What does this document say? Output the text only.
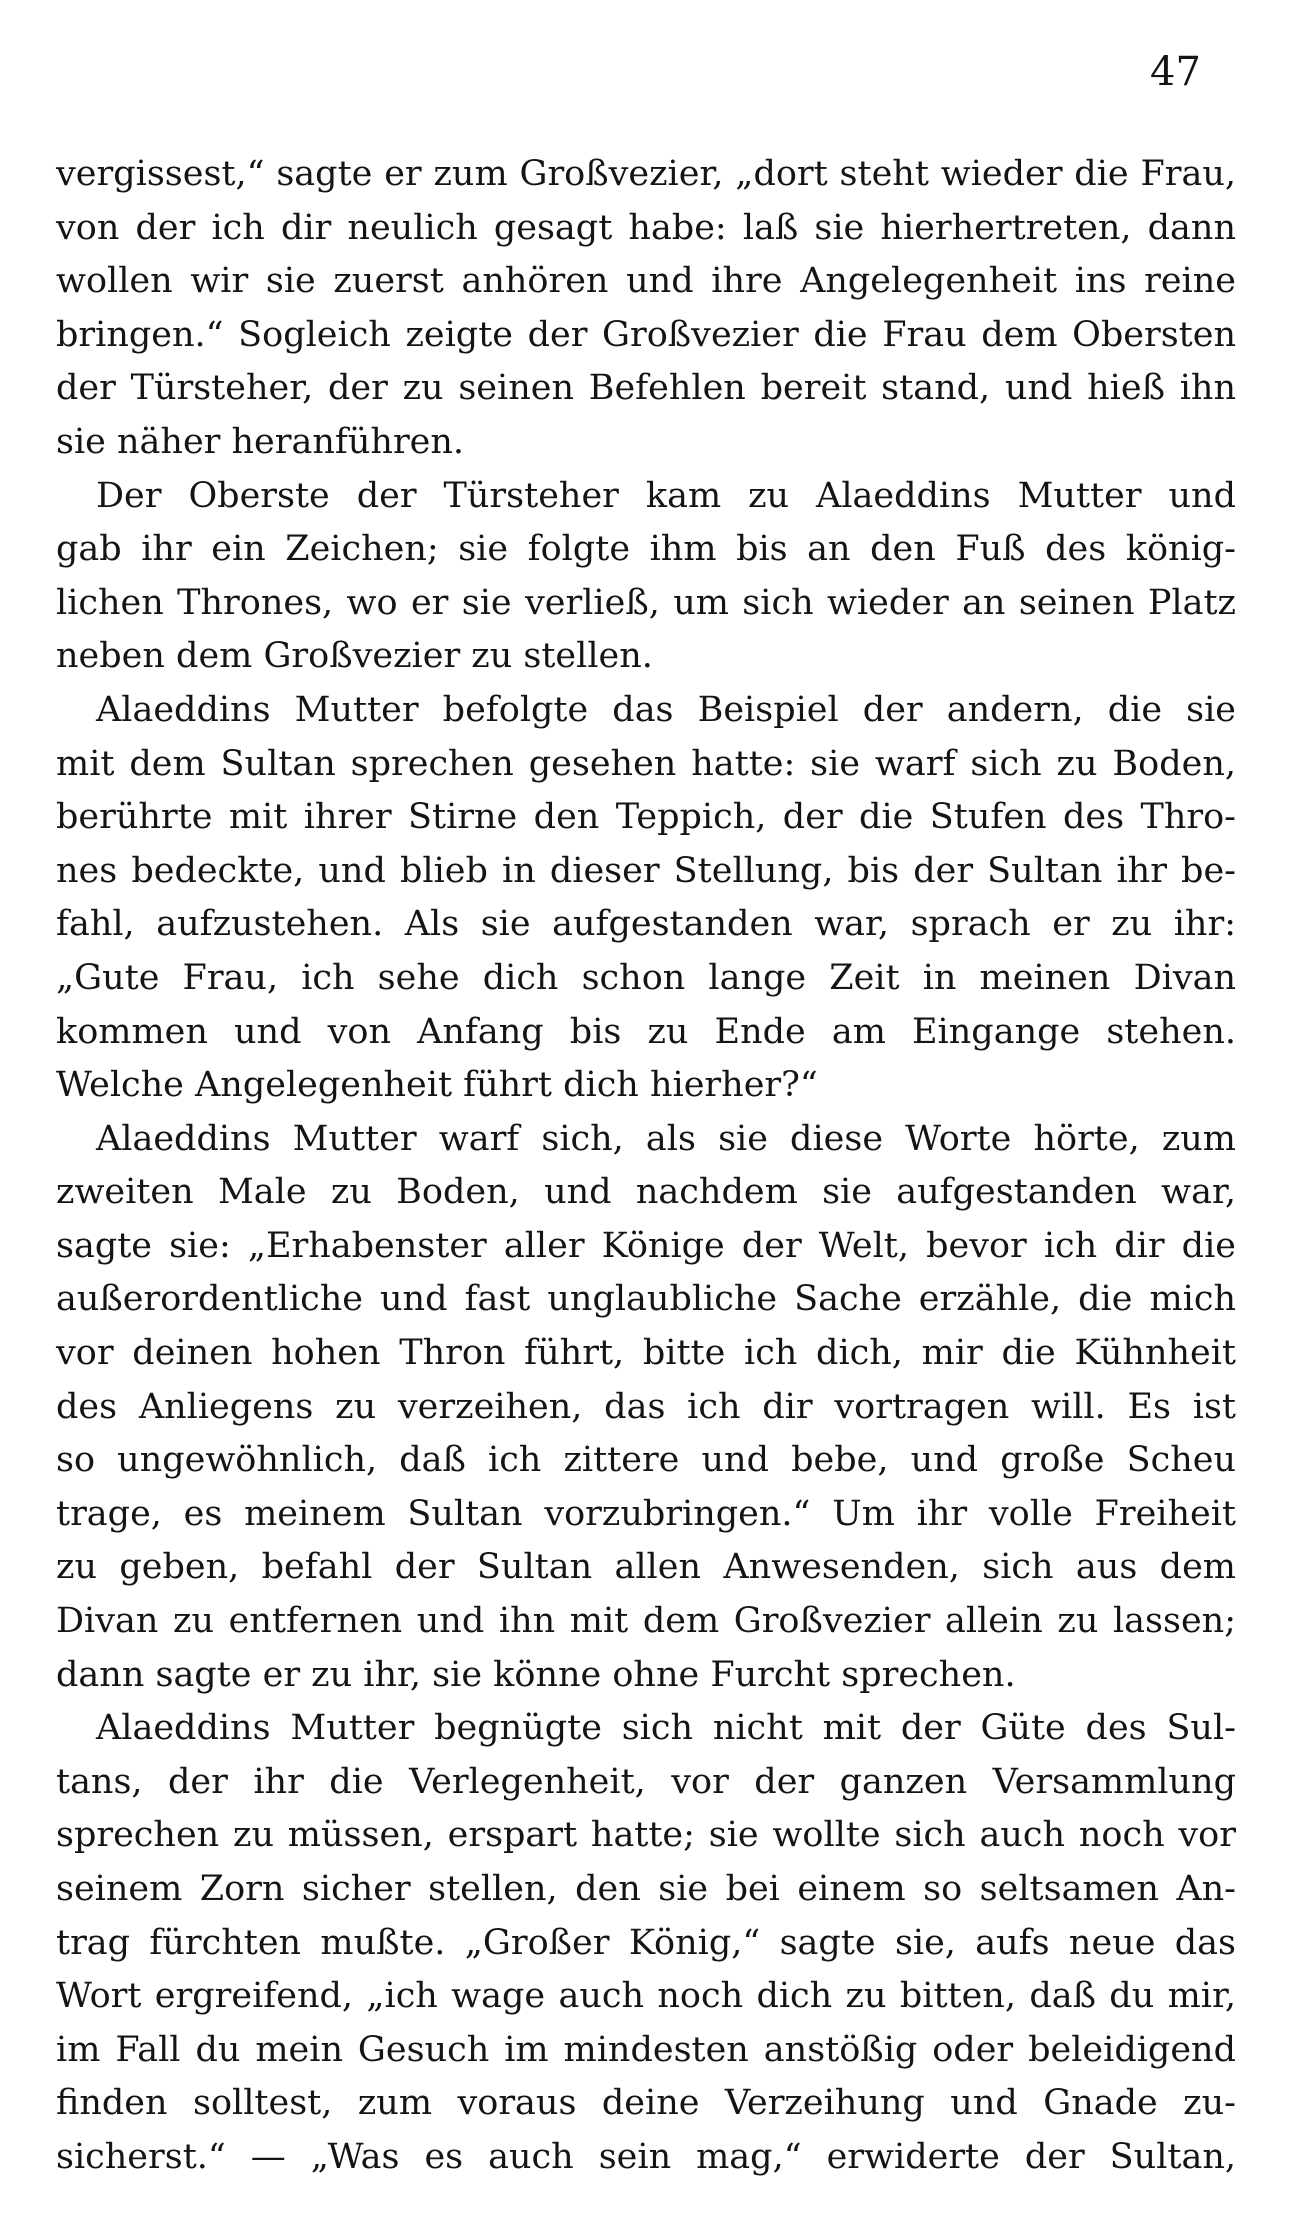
47
vergissest,“ sagte er zum Großvezier, „dort steht wieder die Frau,
von der ich dir neulich gesagt habe: laß sie hierhertreten, dann
wollen wir sie zuerst anhören und ihre Angelegenheit ins reine
bringen.“ Sogleich zeigte der Großvezier die Frau dem Obersten
der Türsteher, der zu seinen Befehlen bereit stand, und hieß ihn
sie näher heranführen.
Der Oberste der Türsteher kam zu Alaeddins Mutter und
gab ihr ein Zeichen; sie folgte ihm bis an den Fuß des könig-
lichen Thrones, wo er sie verließ, um sich wieder an seinen Platz
neben dem Großvezier zu stellen.
Alaeddins Mutter befolgte das Beispiel der andern, die sie
mit dem Sultan sprechen gesehen hatte: sie warf sich zu Boden,
berührte mit ihrer Stirne den Teppich, der die Stufen des Thro-
nes bedeckte, und blieb in dieser Stellung, bis der Sultan ihr be-
fahl, aufzustehen. Als sie aufgestanden war, sprach er zu ihr:
„Gute Frau, ich sehe dich schon lange Zeit in meinen Divan
kommen und von Anfang bis zu Ende am Eingange stehen.
Welche Angelegenheit führt dich hierher?“
Alaeddins Mutter warf sich, als sie diese Worte hörte, zum
zweiten Male zu Boden, und nachdem sie aufgestanden war,
sagte sie: „Erhabenster aller Könige der Welt, bevor ich dir die
außerordentliche und fast unglaubliche Sache erzähle, die mich
vor deinen hohen Thron führt, bitte ich dich, mir die Kühnheit
des Anliegens zu verzeihen, das ich dir vortragen will. Es ist
so ungewöhnlich, daß ich zittere und bebe, und große Scheu
trage, es meinem Sultan vorzubringen.“ Um ihr volle Freiheit
zu geben, befahl der Sultan allen Anwesenden, sich aus dem
Divan zu entfernen und ihn mit dem Großvezier allein zu lassen;
dann sagte er zu ihr, sie könne ohne Furcht sprechen.
Alaeddins Mutter begnügte sich nicht mit der Güte des Sul-
tans, der ihr die Verlegenheit, vor der ganzen Versammlung
sprechen zu müssen, erspart hatte; sie wollte sich auch noch vor
seinem Zorn sicher stellen, den sie bei einem so seltsamen An-
trag fürchten mußte. „Großer König,“ sagte sie, aufs neue das
Wort ergreifend, „ich wage auch noch dich zu bitten, daß du mir,
im Fall du mein Gesuch im mindesten anstößig oder beleidigend
finden solltest, zum voraus deine Verzeihung und Gnade zu-
sicherst.“ — „Was es auch sein mag,“ erwiderte der Sultan,
